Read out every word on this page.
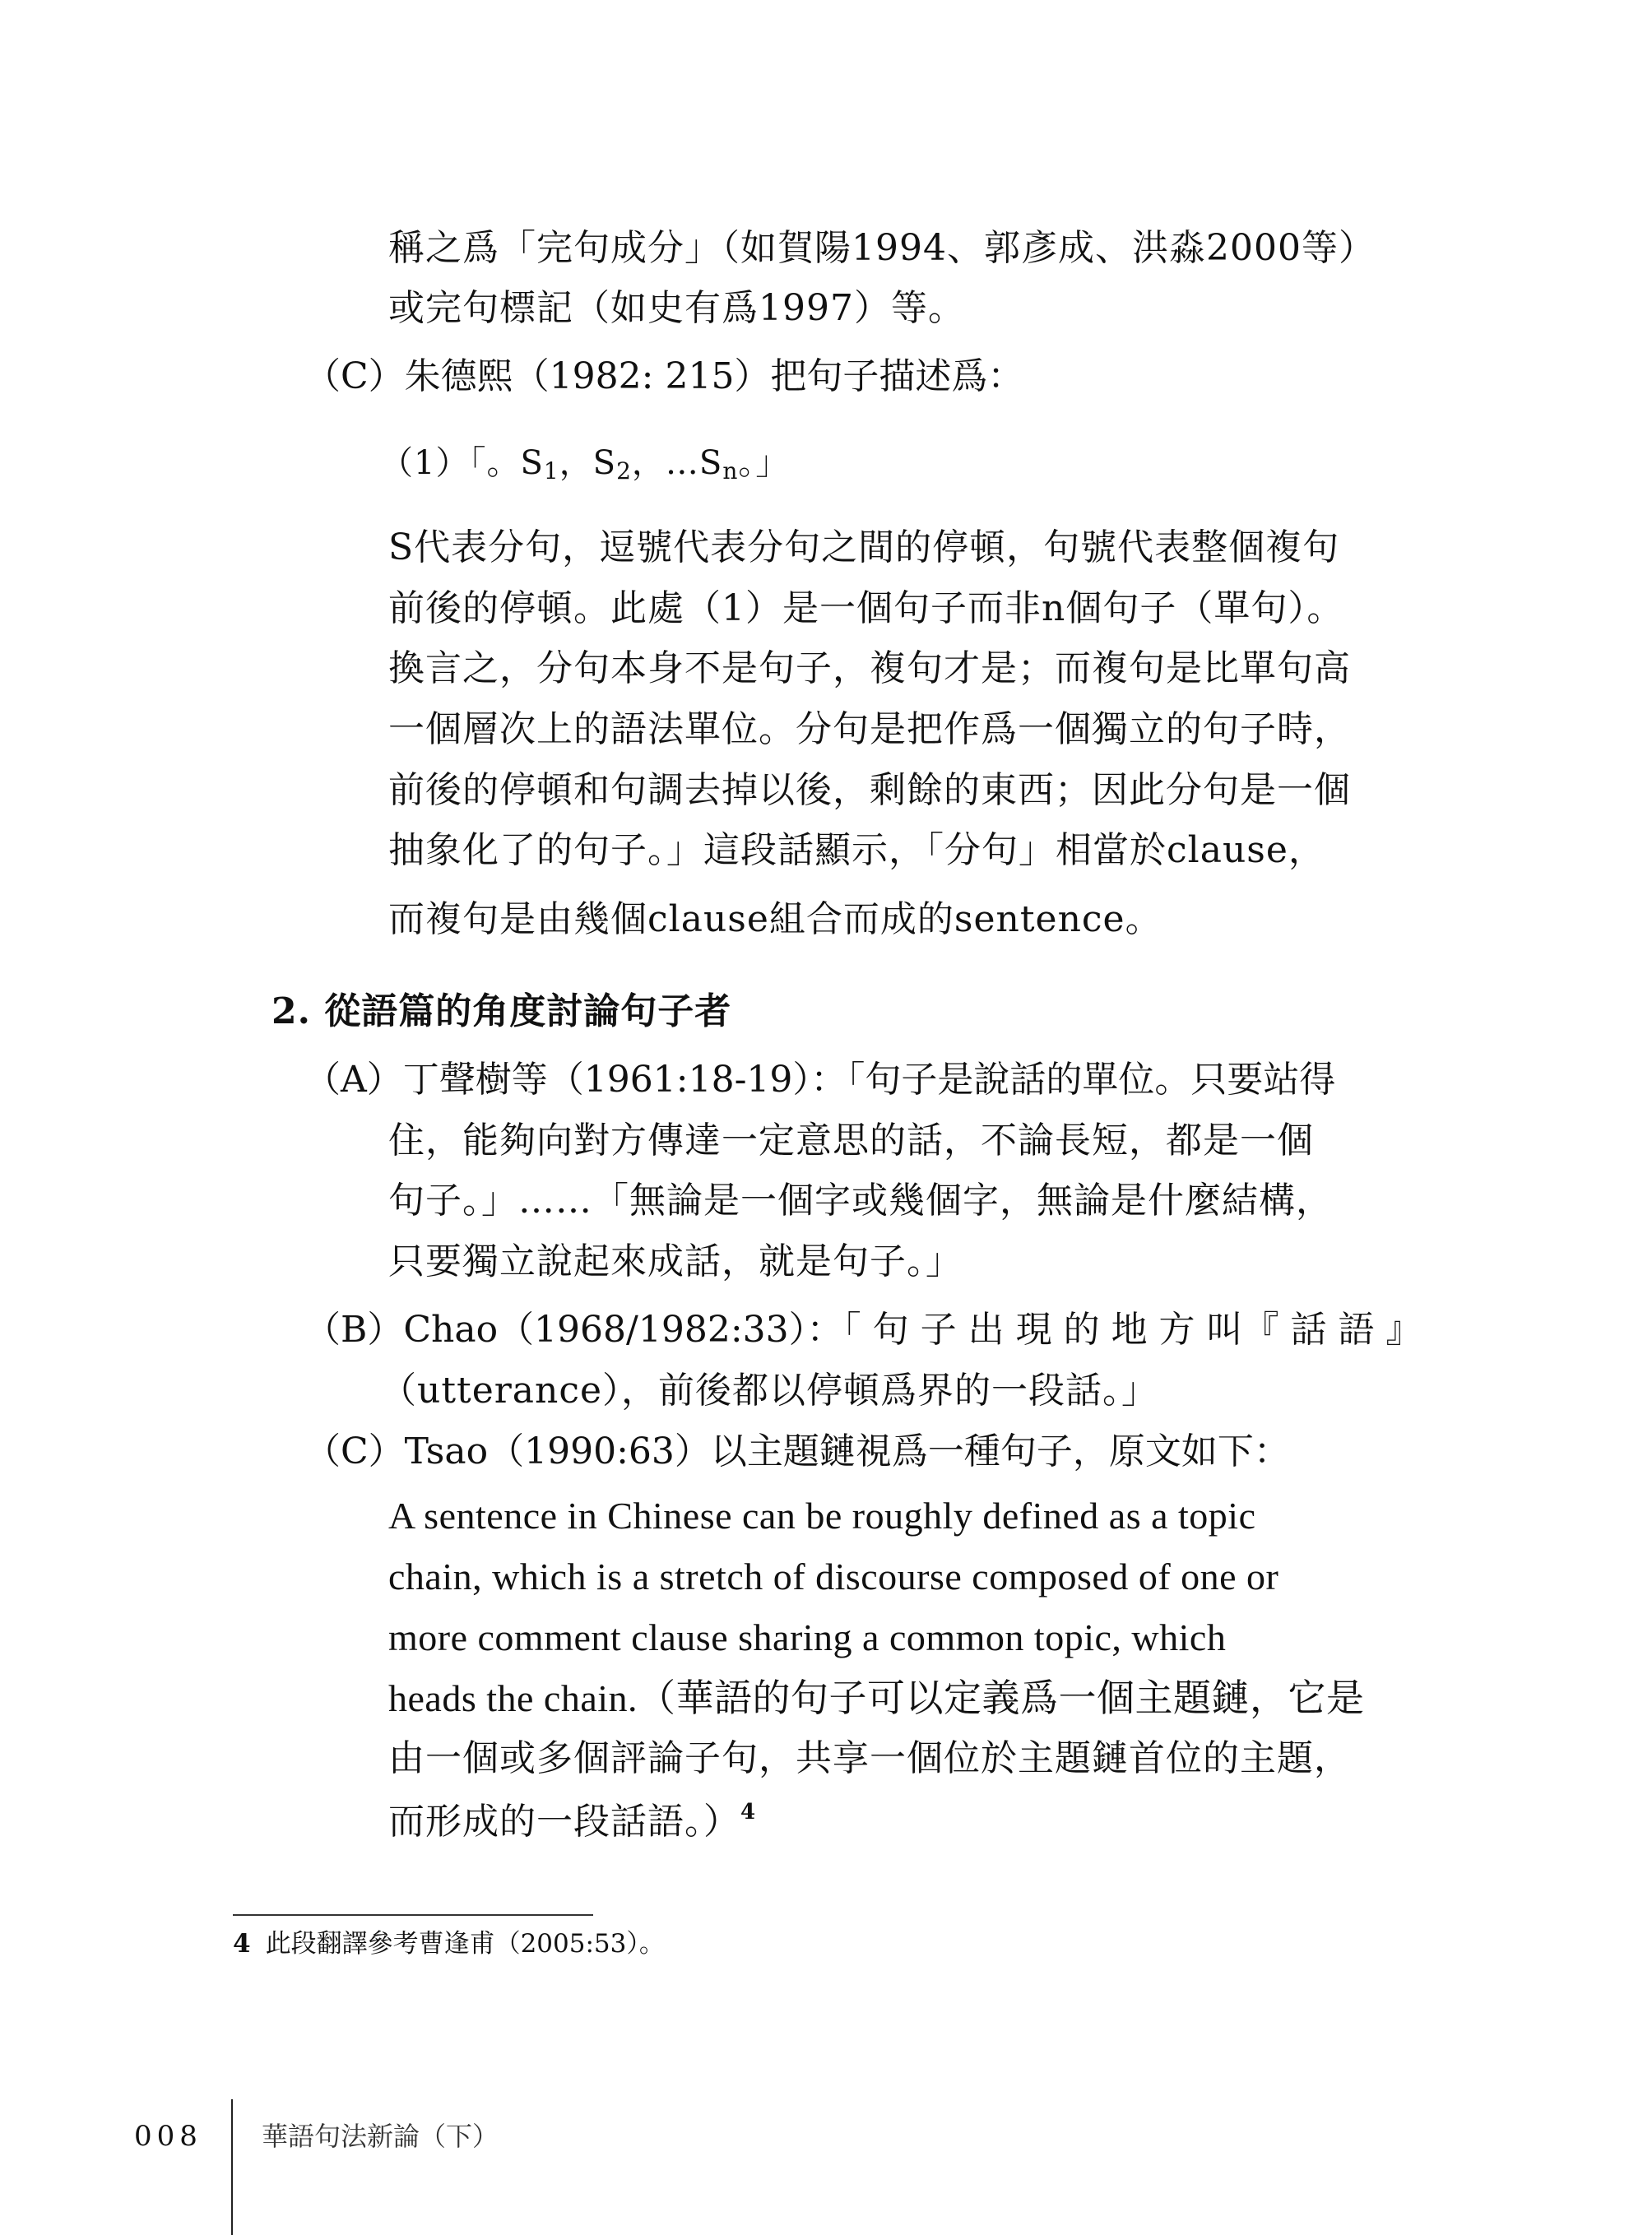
稱之爲「完句成分」（如賀陽1994、郭彥成、洪淼2000等）
或完句標記（如史有爲1997）等。
（C）朱德熙（1982: 215）把句子描述爲：
（1）「。$S_1$，$S_2$，$\dots S_n$。」
S代表分句，逗號代表分句之間的停頓，句號代表整個複句
前後的停頓。此處（1）是一個句子而非n個句子（單句）。
換言之，分句本身不是句子，複句才是；而複句是比單句高
一個層次上的語法單位。分句是把作爲一個獨立的句子時，
前後的停頓和句調去掉以後，剩餘的東西；因此分句是一個
抽象化了的句子。」這段話顯示，「分句」相當於clause，
而複句是由幾個clause組合而成的sentence。
2. 從語篇的角度討論句子者
（A）丁聲樹等（1961:18-19）：「句子是說話的單位。只要站得
住，能夠向對方傳達一定意思的話，不論長短，都是一個
句子。」……「無論是一個字或幾個字，無論是什麼結構，
只要獨立說起來成話，就是句子。」
（B）Chao（1968/1982:33）：「 句 子 出 現 的 地 方 叫『 話 語 』
（utterance），前後都以停頓爲界的一段話。」
（C）Tsao（1990:63）以主題鏈視爲一種句子，原文如下：
A sentence in Chinese can be roughly defined as a topic
chain, which is a stretch of discourse composed of one or
more comment clause sharing a common topic, which
heads the chain.（華語的句子可以定義爲一個主題鏈，它是
由一個或多個評論子句，共享一個位於主題鏈首位的主題，
而形成的一段話語。）$^4$
4 此段翻譯參考曹逢甫（2005:53）。
008 華語句法新論（下）
